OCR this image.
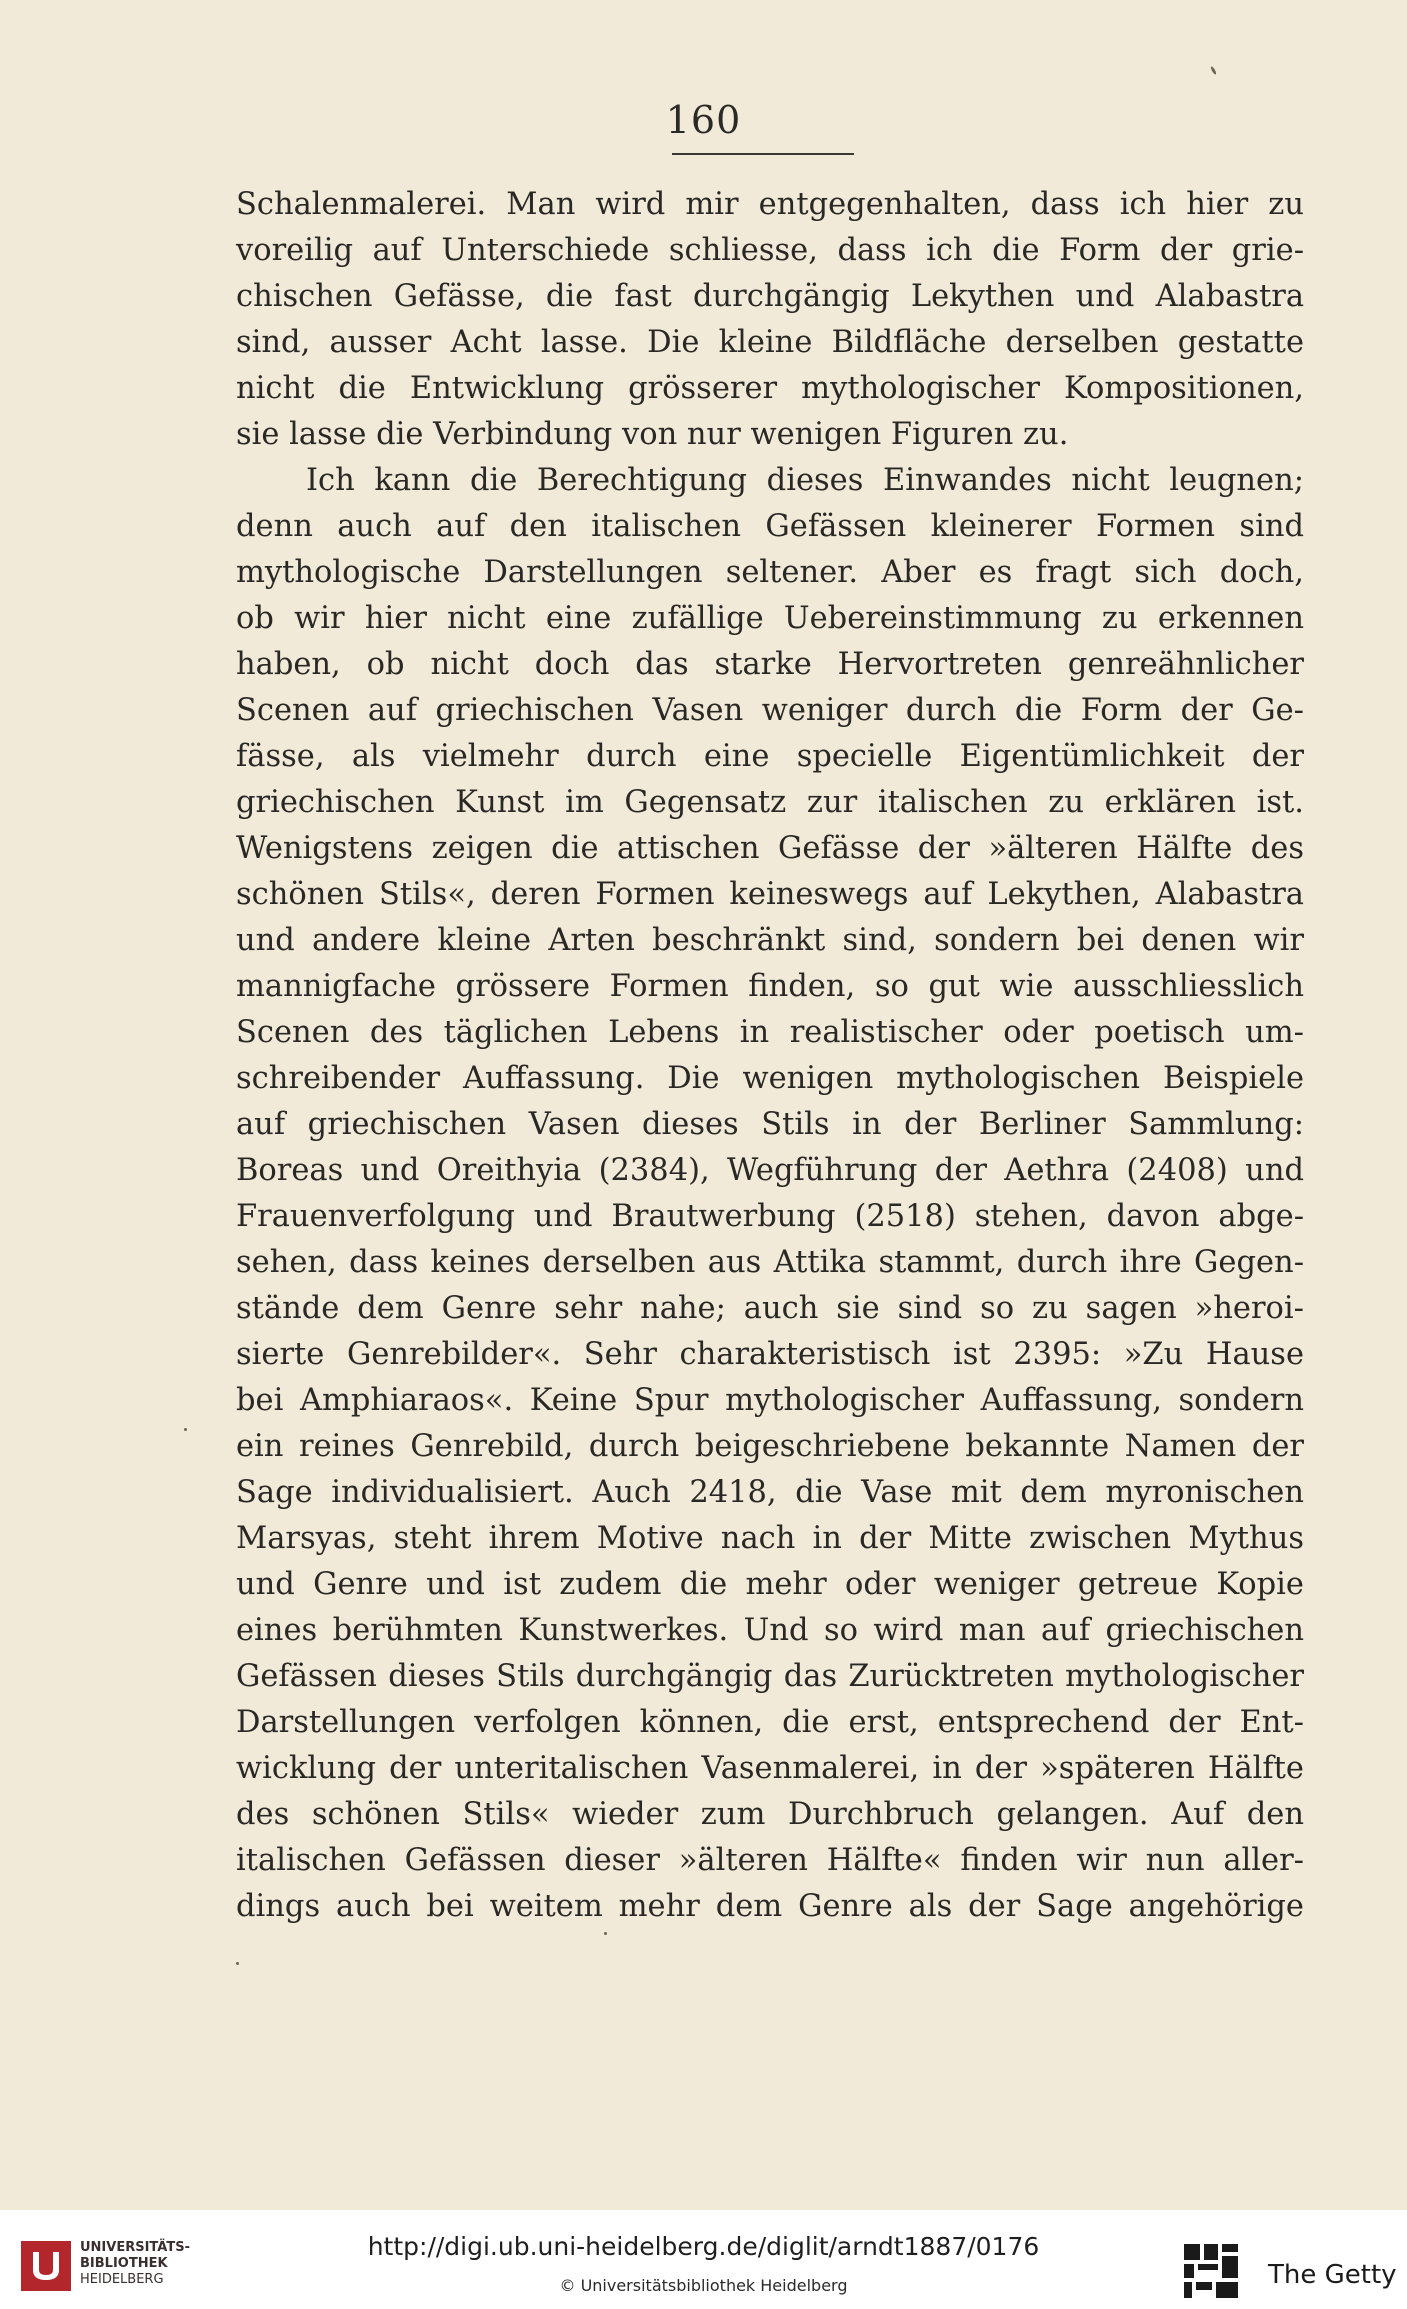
160
Schalenmalerei. Man wird mir entgegenhalten, dass ich hier zu
voreilig auf Unterschiede schliesse, dass ich die Form der grie-
chischen Gefässe, die fast durchgängig Lekythen und Alabastra
sind, ausser Acht lasse. Die kleine Bildfläche derselben gestatte
nicht die Entwicklung grösserer mythologischer Kompositionen,
sie lasse die Verbindung von nur wenigen Figuren zu.
Ich kann die Berechtigung dieses Einwandes nicht leugnen;
denn auch auf den italischen Gefässen kleinerer Formen sind
mythologische Darstellungen seltener. Aber es fragt sich doch,
ob wir hier nicht eine zufällige Uebereinstimmung zu erkennen
haben, ob nicht doch das starke Hervortreten genreähnlicher
Scenen auf griechischen Vasen weniger durch die Form der Ge-
fässe, als vielmehr durch eine specielle Eigentümlichkeit der
griechischen Kunst im Gegensatz zur italischen zu erklären ist.
Wenigstens zeigen die attischen Gefässe der »älteren Hälfte des
schönen Stils«, deren Formen keineswegs auf Lekythen, Alabastra
und andere kleine Arten beschränkt sind, sondern bei denen wir
mannigfache grössere Formen finden, so gut wie ausschliesslich
Scenen des täglichen Lebens in realistischer oder poetisch um-
schreibender Auffassung. Die wenigen mythologischen Beispiele
auf griechischen Vasen dieses Stils in der Berliner Sammlung:
Boreas und Oreithyia (2384), Wegführung der Aethra (2408) und
Frauenverfolgung und Brautwerbung (2518) stehen, davon abge-
sehen, dass keines derselben aus Attika stammt, durch ihre Gegen-
stände dem Genre sehr nahe; auch sie sind so zu sagen »heroi-
sierte Genrebilder«. Sehr charakteristisch ist 2395: »Zu Hause
bei Amphiaraos«. Keine Spur mythologischer Auffassung, sondern
ein reines Genrebild, durch beigeschriebene bekannte Namen der
Sage individualisiert. Auch 2418, die Vase mit dem myronischen
Marsyas, steht ihrem Motive nach in der Mitte zwischen Mythus
und Genre und ist zudem die mehr oder weniger getreue Kopie
eines berühmten Kunstwerkes. Und so wird man auf griechischen
Gefässen dieses Stils durchgängig das Zurücktreten mythologischer
Darstellungen verfolgen können, die erst, entsprechend der Ent-
wicklung der unteritalischen Vasenmalerei, in der »späteren Hälfte
des schönen Stils« wieder zum Durchbruch gelangen. Auf den
italischen Gefässen dieser »älteren Hälfte« finden wir nun aller-
dings auch bei weitem mehr dem Genre als der Sage angehörige
UNIVERSITÄTS-
BIBLIOTHEK
HEIDELBERG
http://digi.ub.uni-heidelberg.de/diglit/arndt1887/0176
© Universitätsbibliothek Heidelberg	The Getty
